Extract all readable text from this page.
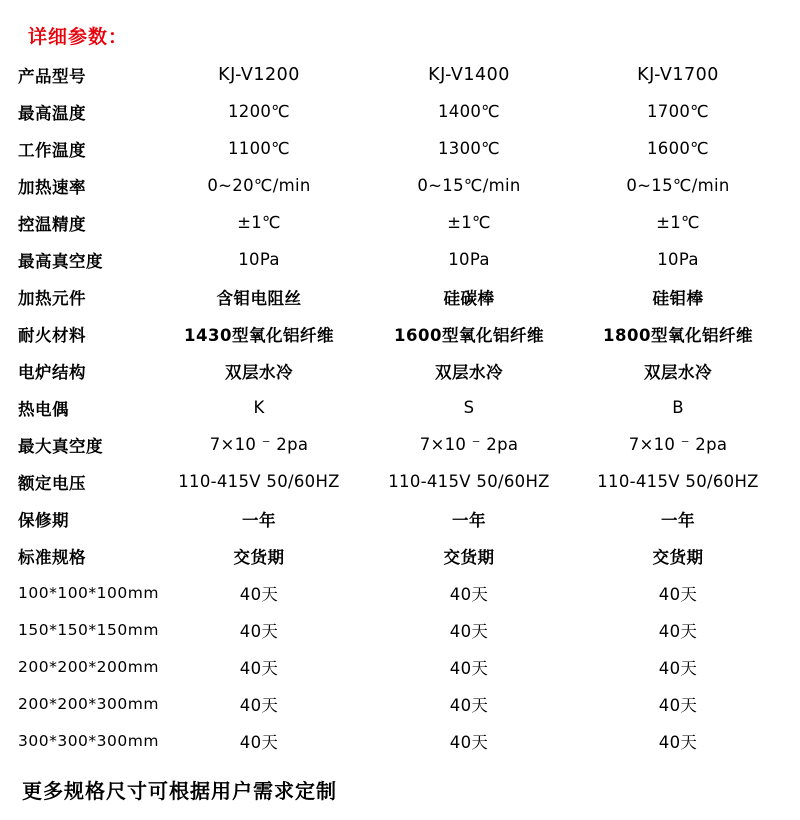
详细参数：
产品型号	KJ-V1200	KJ-V1400	KJ-V1700
最高温度	1200℃	1400℃	1700℃
工作温度	1100℃	1300℃	1600℃
加热速率	0~20℃/min	0~15℃/min	0~15℃/min
控温精度	±1℃	±1℃	±1℃
最高真空度	10Pa	10Pa	10Pa
加热元件	含钼电阻丝	硅碳棒	硅钼棒
耐火材料	1430型氧化铝纤维	1600型氧化铝纤维	1800型氧化铝纤维
电炉结构	双层水冷	双层水冷	双层水冷
热电偶	K	S	B
最大真空度	7×10 ⁻ 2pa	7×10 ⁻ 2pa	7×10 ⁻ 2pa
额定电压	110-415V 50/60HZ	110-415V 50/60HZ	110-415V 50/60HZ
保修期	一年	一年	一年
标准规格	交货期	交货期	交货期
100*100*100mm	40天	40天	40天
150*150*150mm	40天	40天	40天
200*200*200mm	40天	40天	40天
200*200*300mm	40天	40天	40天
300*300*300mm	40天	40天	40天
更多规格尺寸可根据用户需求定制
